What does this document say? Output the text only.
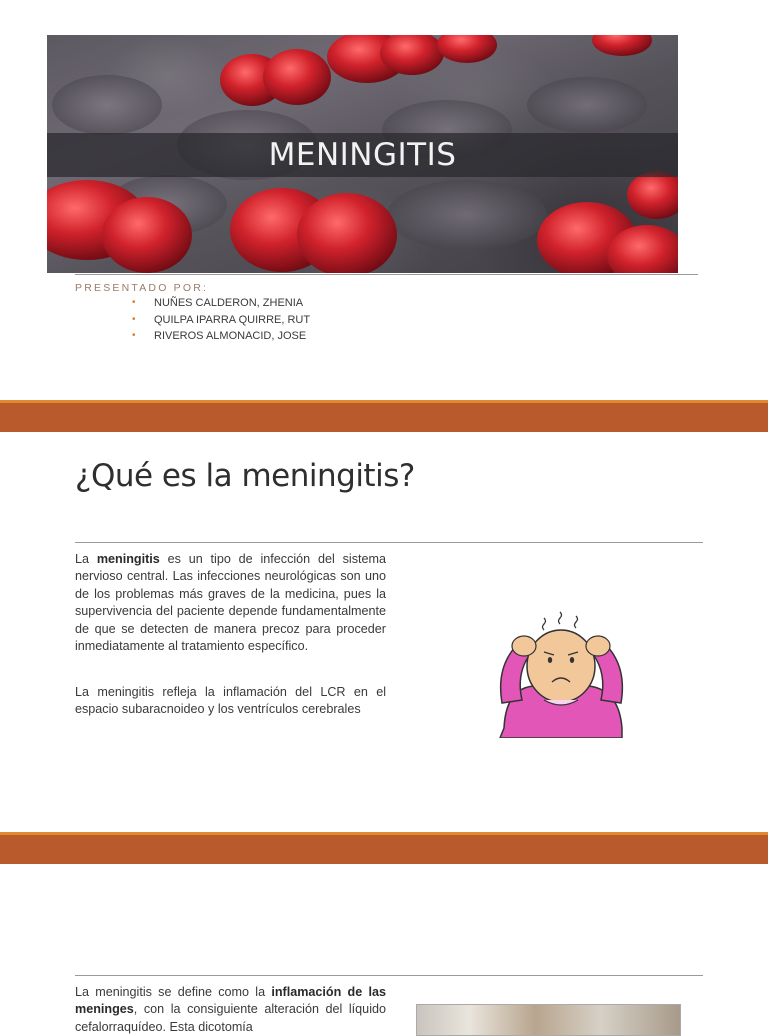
MENINGITIS
PRESENTADO POR:
• NUÑES CALDERON, ZHENIA
• QUILPA IPARRA QUIRRE, RUT
• RIVEROS ALMONACID, JOSE
¿Qué es la meningitis?

La meningitis es un tipo de infección del sistema nervioso central. Las infecciones neurológicas son uno de los problemas más graves de la medicina, pues la supervivencia del paciente depende fundamentalmente de que se detecten de manera precoz para proceder inmediatamente al tratamiento específico.

La meningitis refleja la inflamación del LCR en el espacio subaracnoideo y los ventrículos cerebrales

La meningitis se define como la inflamación de las meninges, con la consiguiente alteración del líquido cefalorraquídeo. Esta dicotomía
